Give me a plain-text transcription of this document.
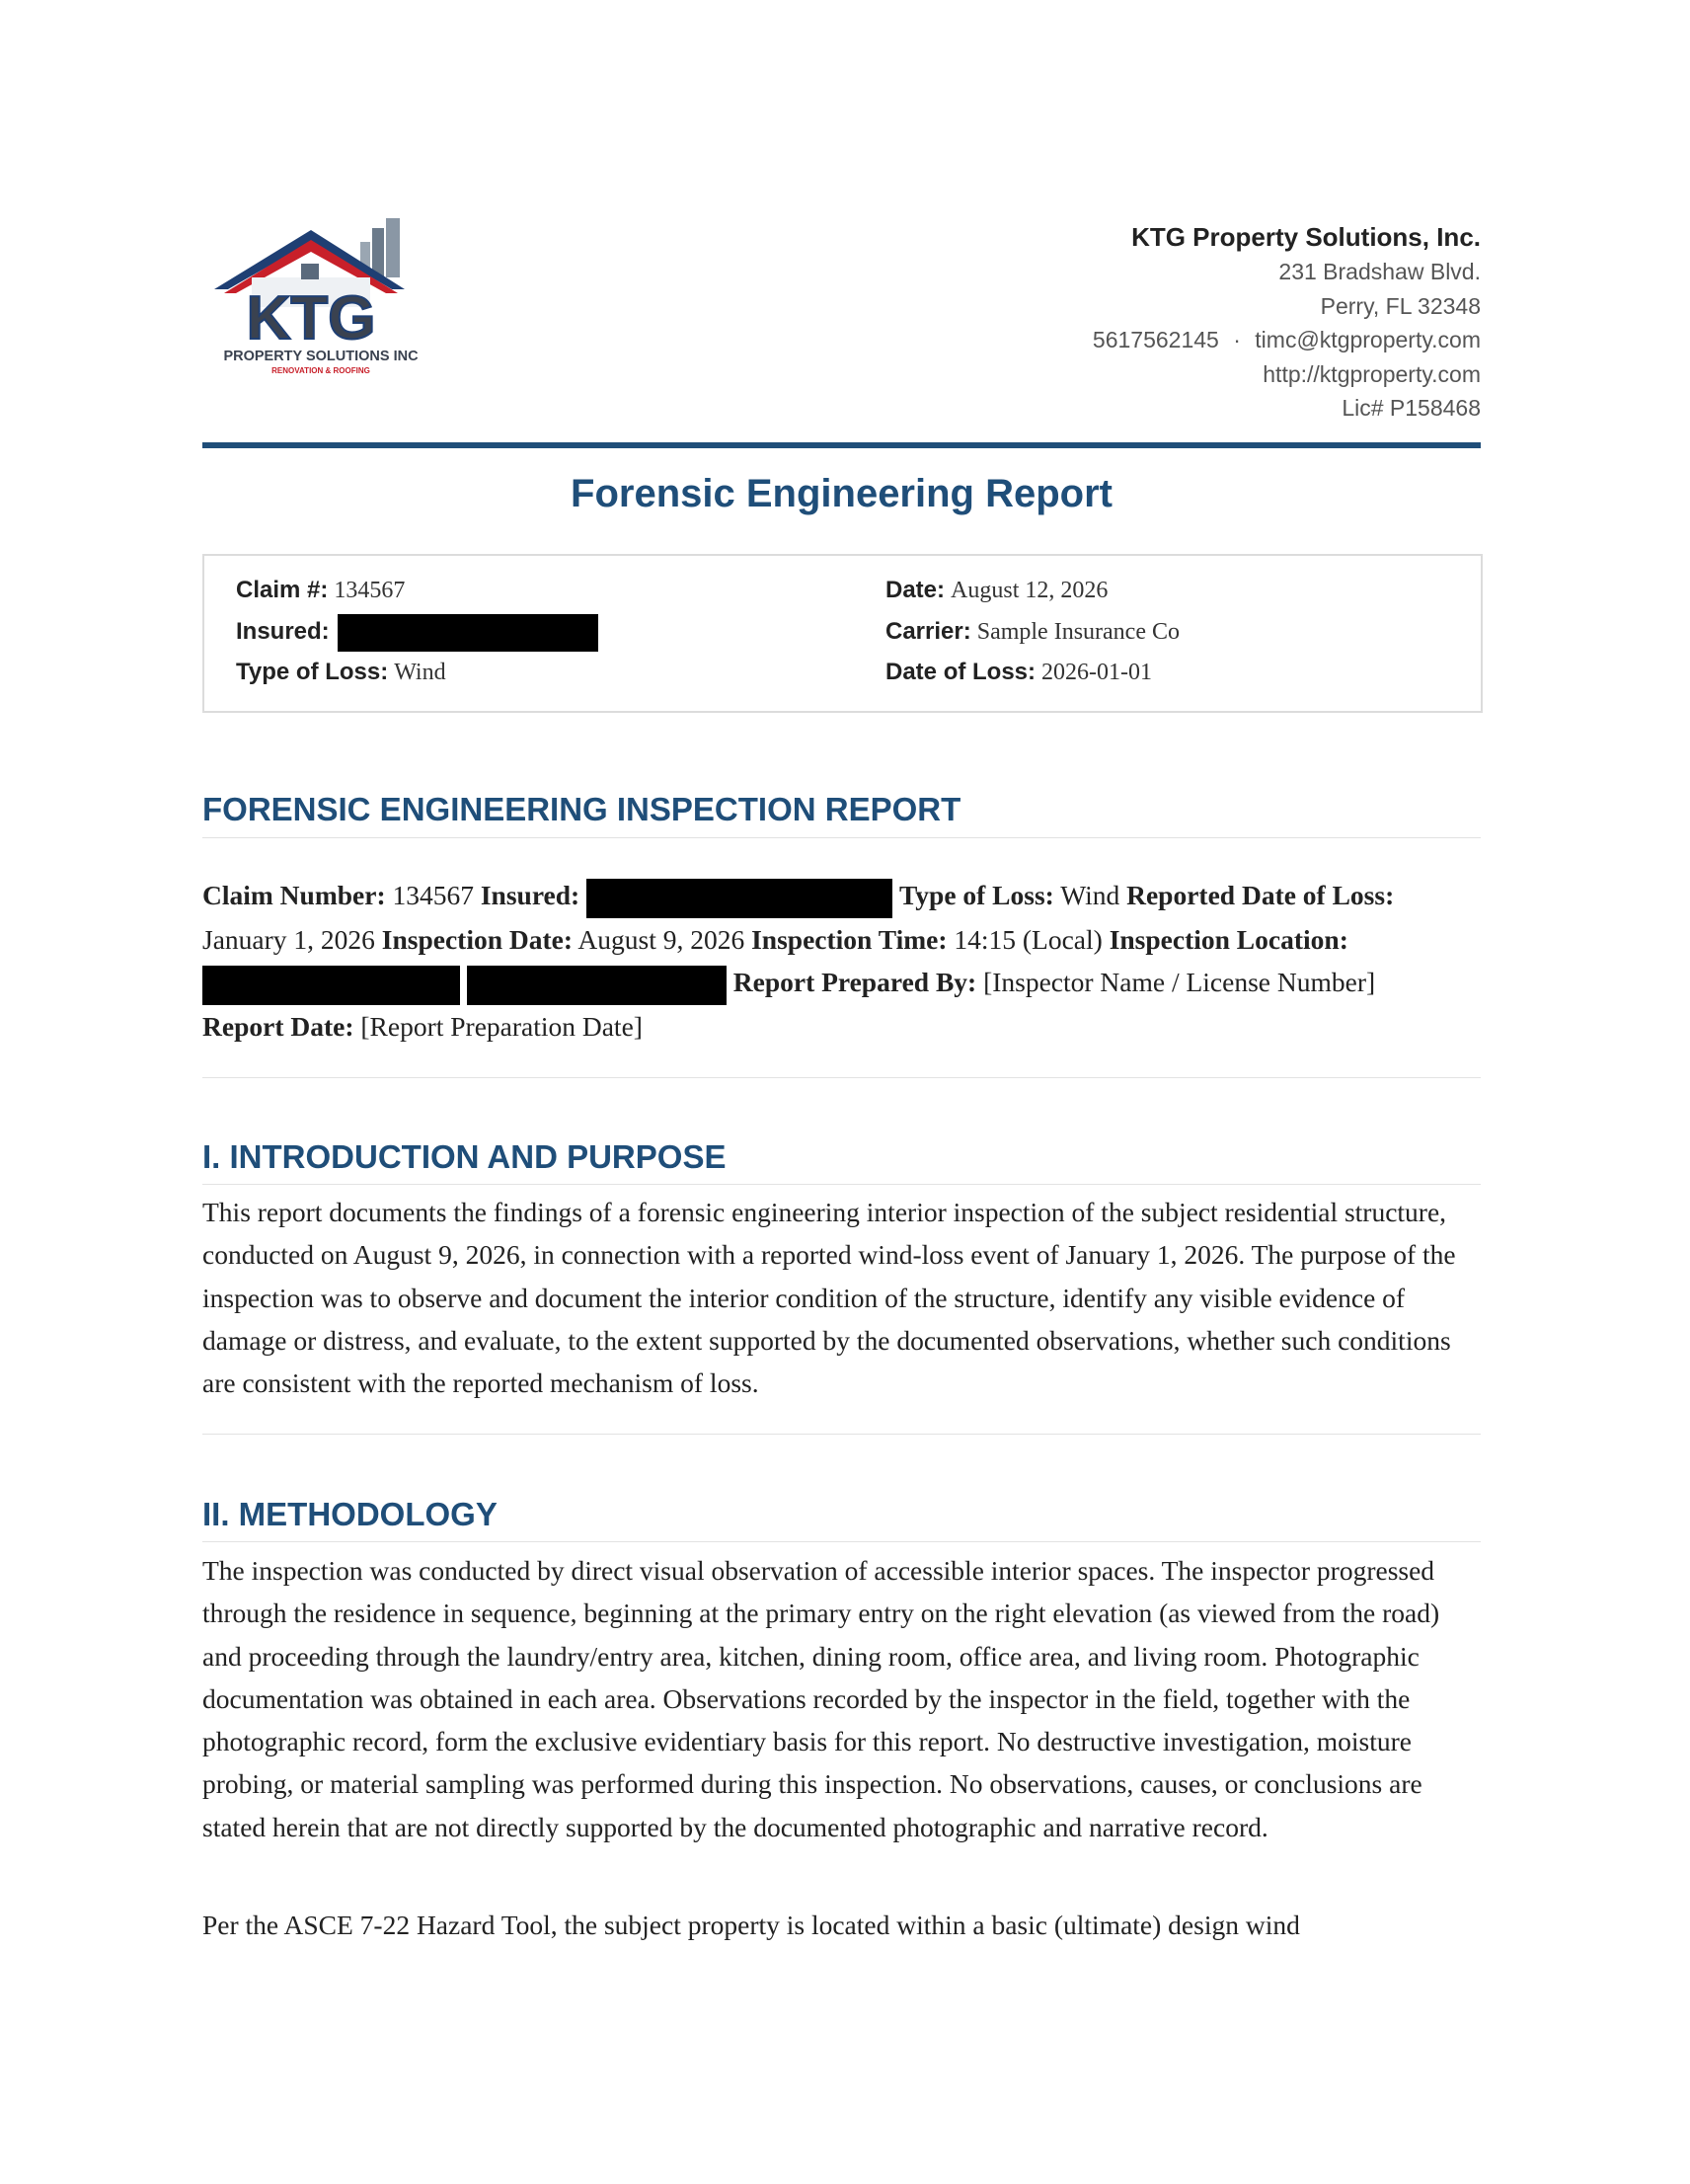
KTG
PROPERTY SOLUTIONS INC
RENOVATION & ROOFING
KTG Property Solutions, Inc.
231 Bradshaw Blvd.
Perry, FL 32348
5617562145 · timc@ktgproperty.com
http://ktgproperty.com
Lic# P158468
Forensic Engineering Report
Claim #: 134567
Insured:
Type of Loss: Wind
Date: August 12, 2026
Carrier: Sample Insurance Co
Date of Loss: 2026-01-01
FORENSIC ENGINEERING INSPECTION REPORT

Claim Number: 134567 Insured:	Type of Loss: Wind Reported Date of Loss: January 1, 2026 Inspection Date: August 9, 2026 Inspection Time: 14:15 (Local) Inspection Location:
Report Prepared By: [Inspector Name / License Number]
Report Date: [Report Preparation Date]

I. INTRODUCTION AND PURPOSE

This report documents the findings of a forensic engineering interior inspection of the subject residential structure, conducted on August 9, 2026, in connection with a reported wind-loss event of January 1, 2026. The purpose of the inspection was to observe and document the interior condition of the structure, identify any visible evidence of damage or distress, and evaluate, to the extent supported by the documented observations, whether such conditions are consistent with the reported mechanism of loss.

II. METHODOLOGY

The inspection was conducted by direct visual observation of accessible interior spaces. The inspector progressed through the residence in sequence, beginning at the primary entry on the right elevation (as viewed from the road) and proceeding through the laundry/entry area, kitchen, dining room, office area, and living room. Photographic documentation was obtained in each area. Observations recorded by the inspector in the field, together with the photographic record, form the exclusive evidentiary basis for this report. No destructive investigation, moisture probing, or material sampling was performed during this inspection. No observations, causes, or conclusions are stated herein that are not directly supported by the documented photographic and narrative record.

Per the ASCE 7-22 Hazard Tool, the subject property is located within a basic (ultimate) design wind
